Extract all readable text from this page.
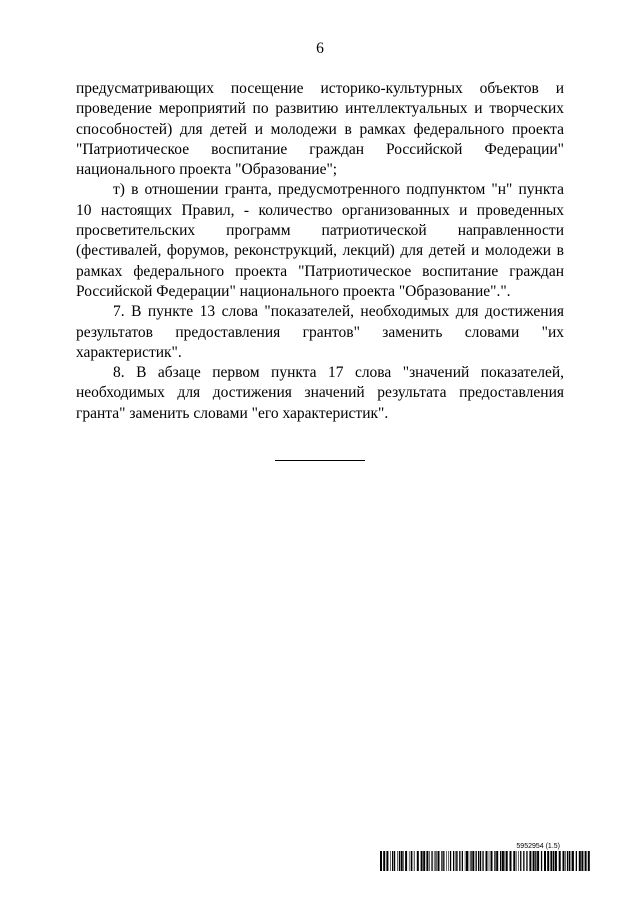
6

предусматривающих посещение историко-культурных объектов и проведение мероприятий по развитию интеллектуальных и творческих способностей) для детей и молодежи в рамках федерального проекта "Патриотическое воспитание граждан Российской Федерации" национального проекта "Образование";

т) в отношении гранта, предусмотренного подпунктом "н" пункта 10 настоящих Правил, - количество организованных и проведенных просветительских программ патриотической направленности (фестивалей, форумов, реконструкций, лекций) для детей и молодежи в рамках федерального проекта "Патриотическое воспитание граждан Российской Федерации" национального проекта "Образование".".

7. В пункте 13 слова "показателей, необходимых для достижения результатов предоставления грантов" заменить словами "их характеристик".

8. В абзаце первом пункта 17 слова "значений показателей, необходимых для достижения значений результата предоставления гранта" заменить словами "его характеристик".

5952954 (1.5)
